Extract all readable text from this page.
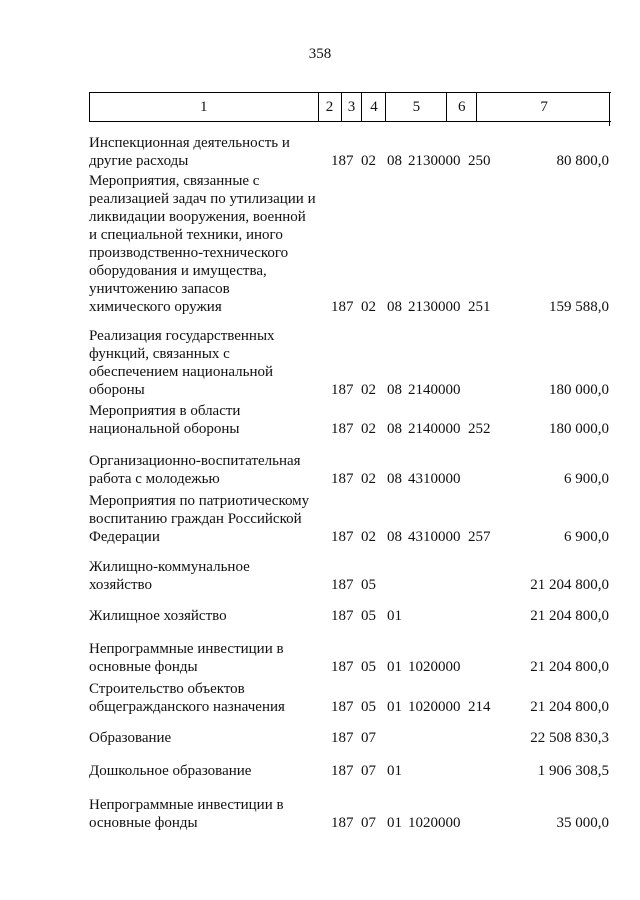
358
1	2 3 4	5	6	7
Инспекционная деятельность и
другие расходы	187 02 08 2130000 250	80 800,0
Мероприятия, связанные с
реализацией задач по утилизации и
ликвидации вооружения, военной
и специальной техники, иного
производственно-технического
оборудования и имущества,
уничтожению запасов
химического оружия	187 02 08 2130000 251	159 588,0
Реализация государственных
функций, связанных с
обеспечением национальной
обороны	187 02 08 2140000	180 000,0
Мероприятия в области
национальной обороны	187 02 08 2140000 252	180 000,0
Организационно-воспитательная
работа с молодежью	187 02 08 4310000	6 900,0
Мероприятия по патриотическому
воспитанию граждан Российской
Федерации	187 02 08 4310000 257	6 900,0
Жилищно-коммунальное
хозяйство	187 05	21 204 800,0
Жилищное хозяйство	187 05 01	21 204 800,0
Непрограммные инвестиции в
основные фонды	187 05 01 1020000	21 204 800,0
Строительство объектов
общегражданского назначения	187 05 01 1020000 214	21 204 800,0
Образование	187 07	22 508 830,3
Дошкольное образование	187 07 01	1 906 308,5
Непрограммные инвестиции в
основные фонды	187 07 01 1020000	35 000,0
